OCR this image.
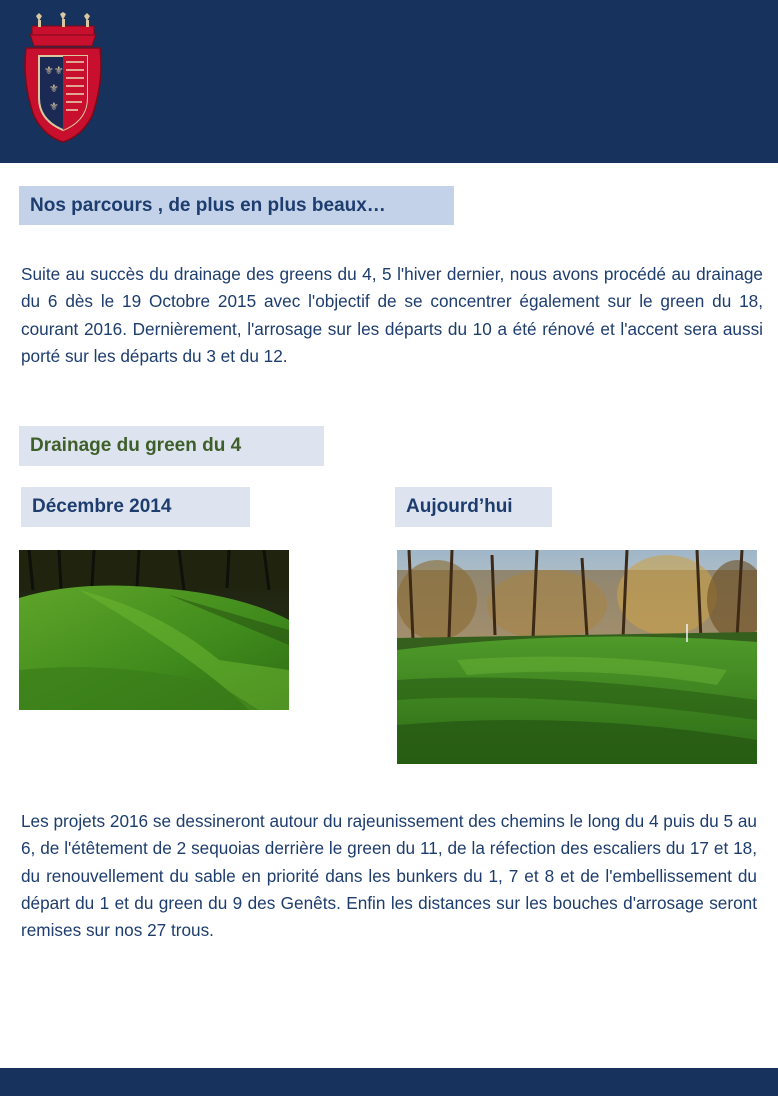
⚜⚜
⚜
⚜
Nos parcours , de plus en plus beaux…

Suite au succès du drainage des greens du 4, 5 l'hiver dernier, nous avons procédé au drainage du 6 dès le 19 Octobre 2015 avec l'objectif de se concentrer également sur le green du 18, courant 2016. Dernièrement, l'arrosage sur les départs du 10 a été rénové et l'accent sera aussi porté sur les départs du 3 et du 12.

Drainage du green du 4
Décembre 2014	Aujourd’hui

Les projets 2016 se dessineront autour du rajeunissement des chemins le long du 4 puis du 5 au 6, de l'étêtement de 2 sequoias derrière le green du 11, de la réfection des escaliers du 17 et 18, du renouvellement du sable en priorité dans les bunkers du 1, 7 et 8 et de l'embellissement du départ du 1 et du green du 9 des Genêts. Enfin les distances sur les bouches d'arrosage seront remises sur nos 27 trous.
